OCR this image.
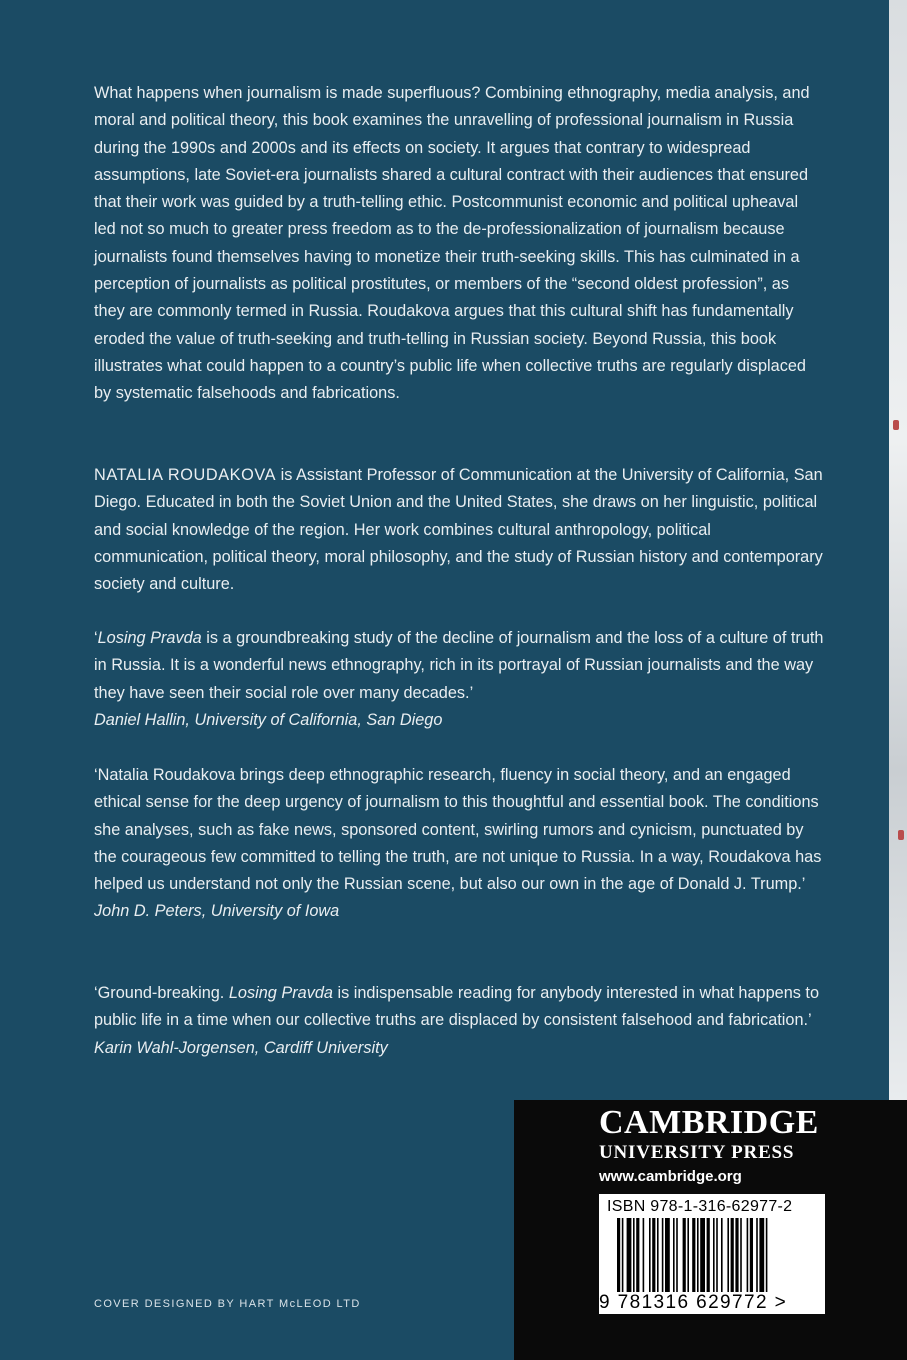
What happens when journalism is made superfluous? Combining ethnography, media analysis, and moral and political theory, this book examines the unravelling of professional journalism in Russia during the 1990s and 2000s and its effects on society. It argues that contrary to widespread assumptions, late Soviet-era journalists shared a cultural contract with their audiences that ensured that their work was guided by a truth-telling ethic. Postcommunist economic and political upheaval led not so much to greater press freedom as to the de-professionalization of journalism because journalists found themselves having to monetize their truth-seeking skills. This has culminated in a perception of journalists as political prostitutes, or members of the “second oldest profession”, as they are commonly termed in Russia. Roudakova argues that this cultural shift has fundamentally eroded the value of truth-seeking and truth-telling in Russian society. Beyond Russia, this book illustrates what could happen to a country’s public life when collective truths are regularly displaced by systematic falsehoods and fabrications.

NATALIA ROUDAKOVA is Assistant Professor of Communication at the University of California, San Diego. Educated in both the Soviet Union and the United States, she draws on her linguistic, political and social knowledge of the region. Her work combines cultural anthropology, political communication, political theory, moral philosophy, and the study of Russian history and contemporary society and culture.

‘Losing Pravda is a groundbreaking study of the decline of journalism and the loss of a culture of truth in Russia. It is a wonderful news ethnography, rich in its portrayal of Russian journalists and the way they have seen their social role over many decades.’

Daniel Hallin, University of California, San Diego

‘Natalia Roudakova brings deep ethnographic research, fluency in social theory, and an engaged ethical sense for the deep urgency of journalism to this thoughtful and essential book. The conditions she analyses, such as fake news, sponsored content, swirling rumors and cynicism, punctuated by the courageous few committed to telling the truth, are not unique to Russia. In a way, Roudakova has helped us understand not only the Russian scene, but also our own in the age of Donald J. Trump.’

John D. Peters, University of Iowa

‘Ground-breaking. Losing Pravda is indispensable reading for anybody interested in what happens to public life in a time when our collective truths are displaced by consistent falsehood and fabrication.’

Karin Wahl-Jorgensen, Cardiff University

COVER DESIGNED BY HART McLEOD LTD
CAMBRIDGE
UNIVERSITY PRESS
www.cambridge.org
ISBN 978-1-316-62977-2
9 781316 629772 >
